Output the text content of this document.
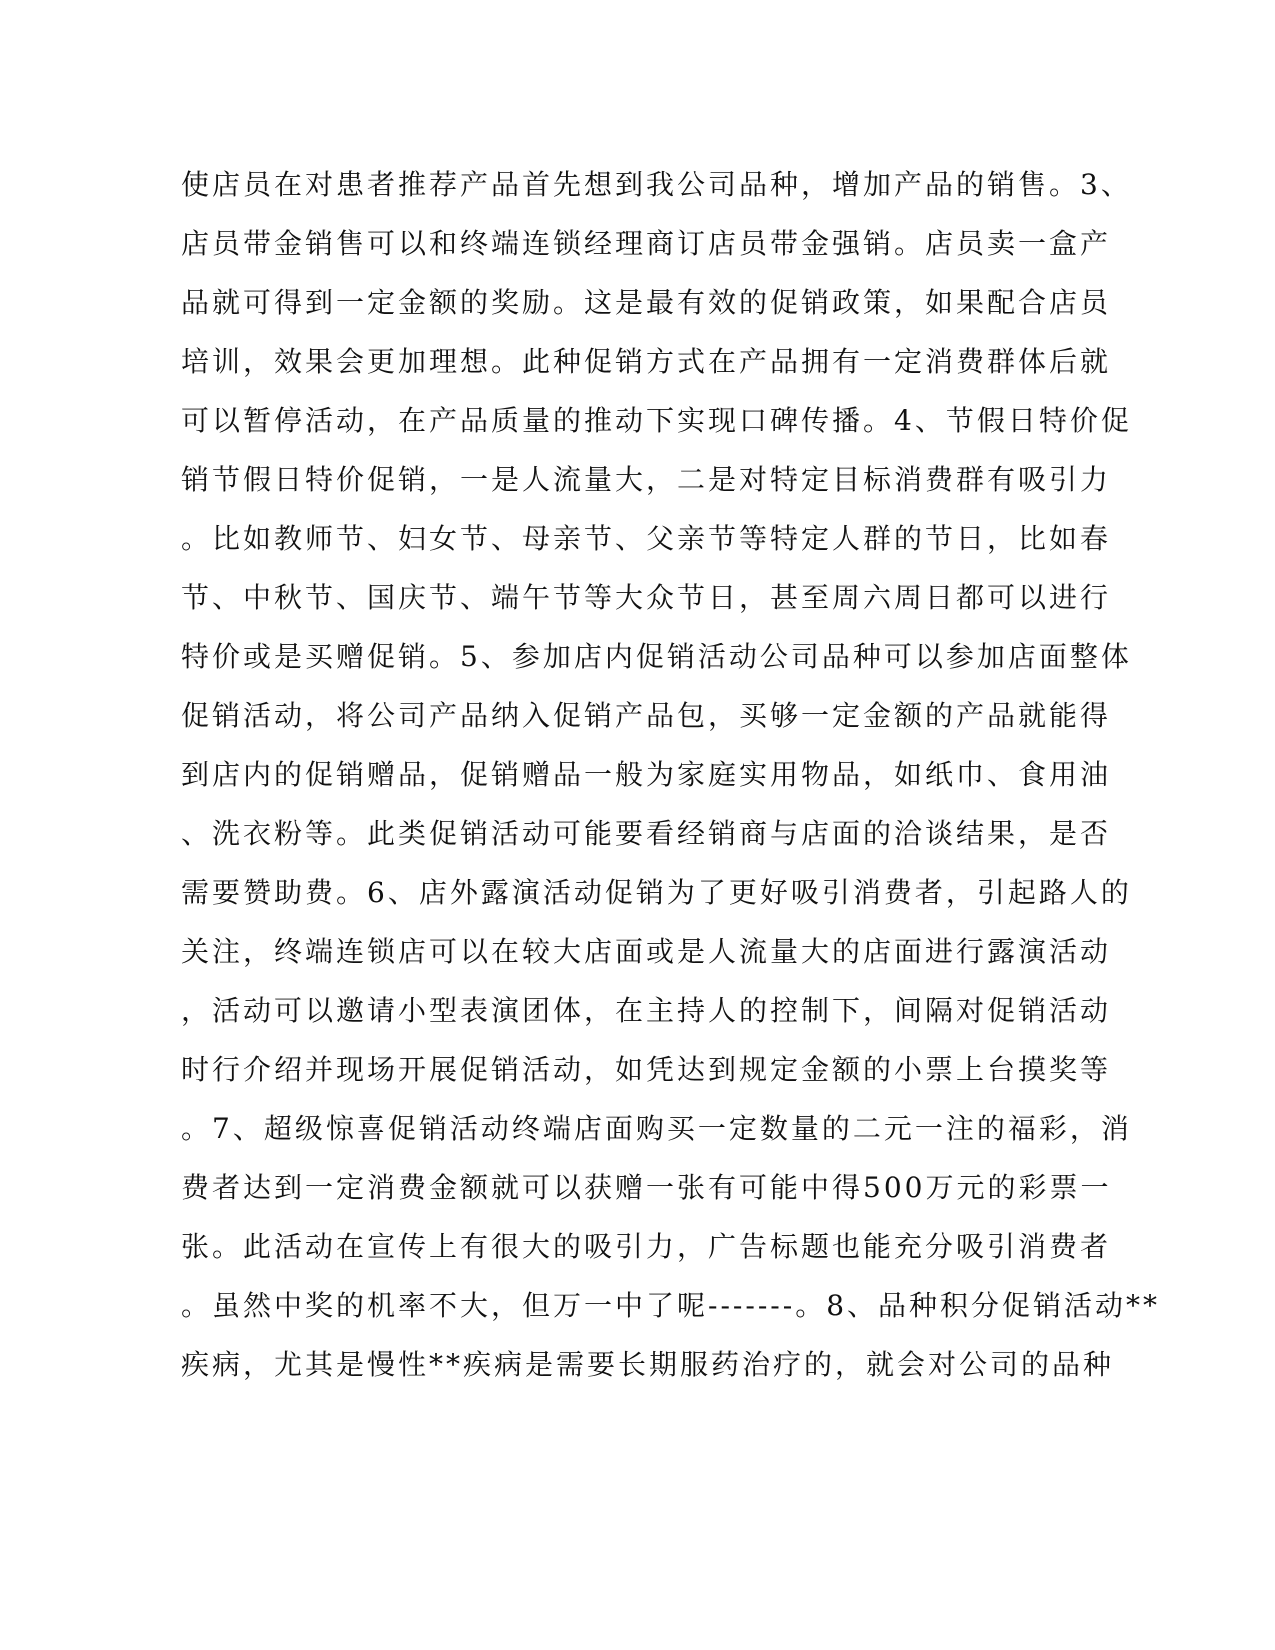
使店员在对患者推荐产品首先想到我公司品种，增加产品的销售。3、
店员带金销售可以和终端连锁经理商订店员带金强销。店员卖一盒产
品就可得到一定金额的奖励。这是最有效的促销政策，如果配合店员
培训，效果会更加理想。此种促销方式在产品拥有一定消费群体后就
可以暂停活动，在产品质量的推动下实现口碑传播。4、节假日特价促
销节假日特价促销，一是人流量大，二是对特定目标消费群有吸引力
。比如教师节、妇女节、母亲节、父亲节等特定人群的节日，比如春
节、中秋节、国庆节、端午节等大众节日，甚至周六周日都可以进行
特价或是买赠促销。5、参加店内促销活动公司品种可以参加店面整体
促销活动，将公司产品纳入促销产品包，买够一定金额的产品就能得
到店内的促销赠品，促销赠品一般为家庭实用物品，如纸巾、食用油
、洗衣粉等。此类促销活动可能要看经销商与店面的洽谈结果，是否
需要赞助费。6、店外露演活动促销为了更好吸引消费者，引起路人的
关注，终端连锁店可以在较大店面或是人流量大的店面进行露演活动
，活动可以邀请小型表演团体，在主持人的控制下，间隔对促销活动
时行介绍并现场开展促销活动，如凭达到规定金额的小票上台摸奖等
。7、超级惊喜促销活动终端店面购买一定数量的二元一注的福彩，消
费者达到一定消费金额就可以获赠一张有可能中得500万元的彩票一
张。此活动在宣传上有很大的吸引力，广告标题也能充分吸引消费者
。虽然中奖的机率不大，但万一中了呢-------。8、品种积分促销活动**
疾病，尤其是慢性**疾病是需要长期服药治疗的，就会对公司的品种
